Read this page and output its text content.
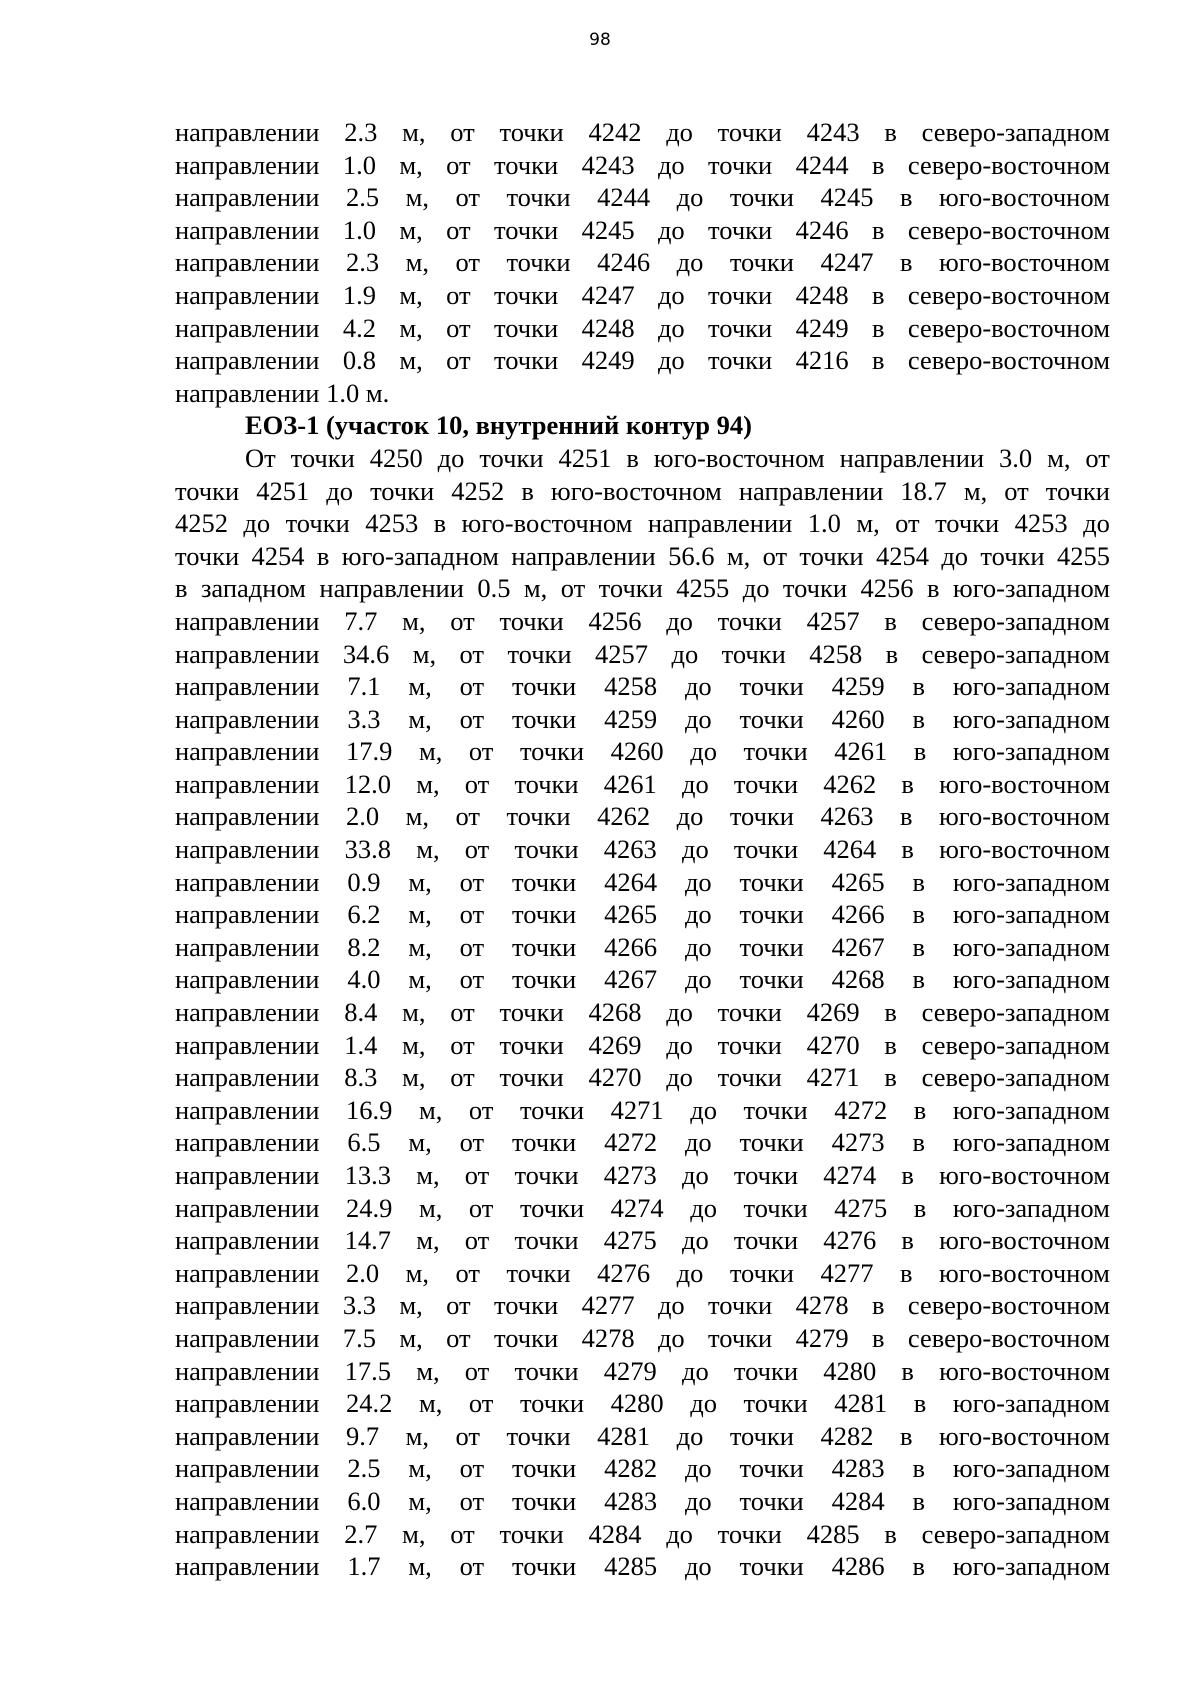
98
направлении 2.3 м, от точки 4242 до точки 4243 в северо-западном
направлении 1.0 м, от точки 4243 до точки 4244 в северо-восточном
направлении 2.5 м, от точки 4244 до точки 4245 в юго-восточном
направлении 1.0 м, от точки 4245 до точки 4246 в северо-восточном
направлении 2.3 м, от точки 4246 до точки 4247 в юго-восточном
направлении 1.9 м, от точки 4247 до точки 4248 в северо-восточном
направлении 4.2 м, от точки 4248 до точки 4249 в северо-восточном
направлении 0.8 м, от точки 4249 до точки 4216 в северо-восточном
направлении 1.0 м.
ЕОЗ-1 (участок 10, внутренний контур 94)
От точки 4250 до точки 4251 в юго-восточном направлении 3.0 м, от
точки 4251 до точки 4252 в юго-восточном направлении 18.7 м, от точки
4252 до точки 4253 в юго-восточном направлении 1.0 м, от точки 4253 до
точки 4254 в юго-западном направлении 56.6 м, от точки 4254 до точки 4255
в западном направлении 0.5 м, от точки 4255 до точки 4256 в юго-западном
направлении 7.7 м, от точки 4256 до точки 4257 в северо-западном
направлении 34.6 м, от точки 4257 до точки 4258 в северо-западном
направлении 7.1 м, от точки 4258 до точки 4259 в юго-западном
направлении 3.3 м, от точки 4259 до точки 4260 в юго-западном
направлении 17.9 м, от точки 4260 до точки 4261 в юго-западном
направлении 12.0 м, от точки 4261 до точки 4262 в юго-восточном
направлении 2.0 м, от точки 4262 до точки 4263 в юго-восточном
направлении 33.8 м, от точки 4263 до точки 4264 в юго-восточном
направлении 0.9 м, от точки 4264 до точки 4265 в юго-западном
направлении 6.2 м, от точки 4265 до точки 4266 в юго-западном
направлении 8.2 м, от точки 4266 до точки 4267 в юго-западном
направлении 4.0 м, от точки 4267 до точки 4268 в юго-западном
направлении 8.4 м, от точки 4268 до точки 4269 в северо-западном
направлении 1.4 м, от точки 4269 до точки 4270 в северо-западном
направлении 8.3 м, от точки 4270 до точки 4271 в северо-западном
направлении 16.9 м, от точки 4271 до точки 4272 в юго-западном
направлении 6.5 м, от точки 4272 до точки 4273 в юго-западном
направлении 13.3 м, от точки 4273 до точки 4274 в юго-восточном
направлении 24.9 м, от точки 4274 до точки 4275 в юго-западном
направлении 14.7 м, от точки 4275 до точки 4276 в юго-восточном
направлении 2.0 м, от точки 4276 до точки 4277 в юго-восточном
направлении 3.3 м, от точки 4277 до точки 4278 в северо-восточном
направлении 7.5 м, от точки 4278 до точки 4279 в северо-восточном
направлении 17.5 м, от точки 4279 до точки 4280 в юго-восточном
направлении 24.2 м, от точки 4280 до точки 4281 в юго-западном
направлении 9.7 м, от точки 4281 до точки 4282 в юго-восточном
направлении 2.5 м, от точки 4282 до точки 4283 в юго-западном
направлении 6.0 м, от точки 4283 до точки 4284 в юго-западном
направлении 2.7 м, от точки 4284 до точки 4285 в северо-западном
направлении 1.7 м, от точки 4285 до точки 4286 в юго-западном
